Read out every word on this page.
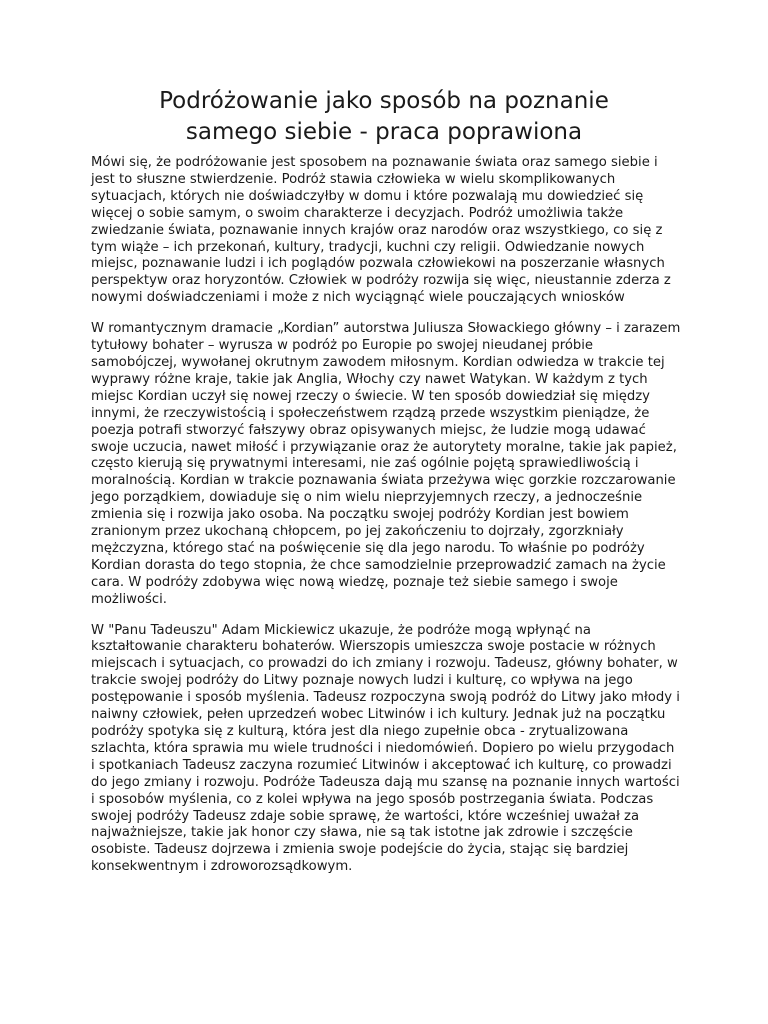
Podróżowanie jako sposób na poznanie
samego siebie - praca poprawiona

Mówi się, że podróżowanie jest sposobem na poznawanie świata oraz samego siebie i jest to słuszne stwierdzenie. Podróż stawia człowieka w wielu skomplikowanych sytuacjach, których nie doświadczyłby w domu i które pozwalają mu dowiedzieć się więcej o sobie samym, o swoim charakterze i decyzjach. Podróż umożliwia także zwiedzanie świata, poznawanie innych krajów oraz narodów oraz wszystkiego, co się z tym wiąże – ich przekonań, kultury, tradycji, kuchni czy religii. Odwiedzanie nowych miejsc, poznawanie ludzi i ich poglądów pozwala człowiekowi na poszerzanie własnych perspektyw oraz horyzontów. Człowiek w podróży rozwija się więc, nieustannie zderza z nowymi doświadczeniami i może z nich wyciągnąć wiele pouczających wniosków

W romantycznym dramacie „Kordian” autorstwa Juliusza Słowackiego główny – i zarazem tytułowy bohater – wyrusza w podróż po Europie po swojej nieudanej próbie samobójczej, wywołanej okrutnym zawodem miłosnym. Kordian odwiedza w trakcie tej wyprawy różne kraje, takie jak Anglia, Włochy czy nawet Watykan. W każdym z tych miejsc Kordian uczył się nowej rzeczy o świecie. W ten sposób dowiedział się między innymi, że rzeczywistością i społeczeństwem rządzą przede wszystkim pieniądze, że poezja potrafi stworzyć fałszywy obraz opisywanych miejsc, że ludzie mogą udawać swoje uczucia, nawet miłość i przywiązanie oraz że autorytety moralne, takie jak papież, często kierują się prywatnymi interesami, nie zaś ogólnie pojętą sprawiedliwością i moralnością. Kordian w trakcie poznawania świata przeżywa więc gorzkie rozczarowanie jego porządkiem, dowiaduje się o nim wielu nieprzyjemnych rzeczy, a jednocześnie zmienia się i rozwija jako osoba. Na początku swojej podróży Kordian jest bowiem zranionym przez ukochaną chłopcem, po jej zakończeniu to dojrzały, zgorzkniały mężczyzna, którego stać na poświęcenie się dla jego narodu. To właśnie po podróży Kordian dorasta do tego stopnia, że chce samodzielnie przeprowadzić zamach na życie cara. W podróży zdobywa więc nową wiedzę, poznaje też siebie samego i swoje możliwości.

W "Panu Tadeuszu" Adam Mickiewicz ukazuje, że podróże mogą wpłynąć na kształtowanie charakteru bohaterów. Wierszopis umieszcza swoje postacie w różnych miejscach i sytuacjach, co prowadzi do ich zmiany i rozwoju. Tadeusz, główny bohater, w trakcie swojej podróży do Litwy poznaje nowych ludzi i kulturę, co wpływa na jego postępowanie i sposób myślenia. Tadeusz rozpoczyna swoją podróż do Litwy jako młody i naiwny człowiek, pełen uprzedzeń wobec Litwinów i ich kultury. Jednak już na początku podróży spotyka się z kulturą, która jest dla niego zupełnie obca - zrytualizowana szlachta, która sprawia mu wiele trudności i niedomówień. Dopiero po wielu przygodach i spotkaniach Tadeusz zaczyna rozumieć Litwinów i akceptować ich kulturę, co prowadzi do jego zmiany i rozwoju. Podróże Tadeusza dają mu szansę na poznanie innych wartości i sposobów myślenia, co z kolei wpływa na jego sposób postrzegania świata. Podczas swojej podróży Tadeusz zdaje sobie sprawę, że wartości, które wcześniej uważał za najważniejsze, takie jak honor czy sława, nie są tak istotne jak zdrowie i szczęście osobiste. Tadeusz dojrzewa i zmienia swoje podejście do życia, stając się bardziej konsekwentnym i zdroworozsądkowym.
